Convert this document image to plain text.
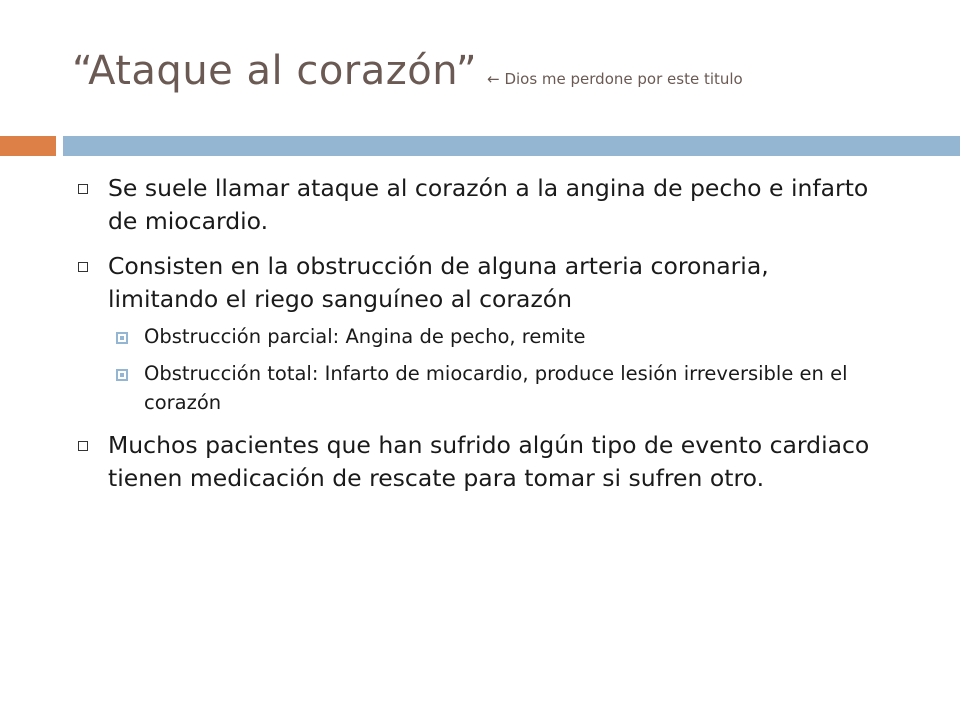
“Ataque al corazón” ← Dios me perdone por este titulo
Se suele llamar ataque al corazón a la angina de pecho e infarto de miocardio.
Consisten en la obstrucción de alguna arteria coronaria, limitando el riego sanguíneo al corazón
Obstrucción parcial: Angina de pecho, remite
Obstrucción total: Infarto de miocardio, produce lesión irreversible en el corazón
Muchos pacientes que han sufrido algún tipo de evento cardiaco tienen medicación de rescate para tomar si sufren otro.
